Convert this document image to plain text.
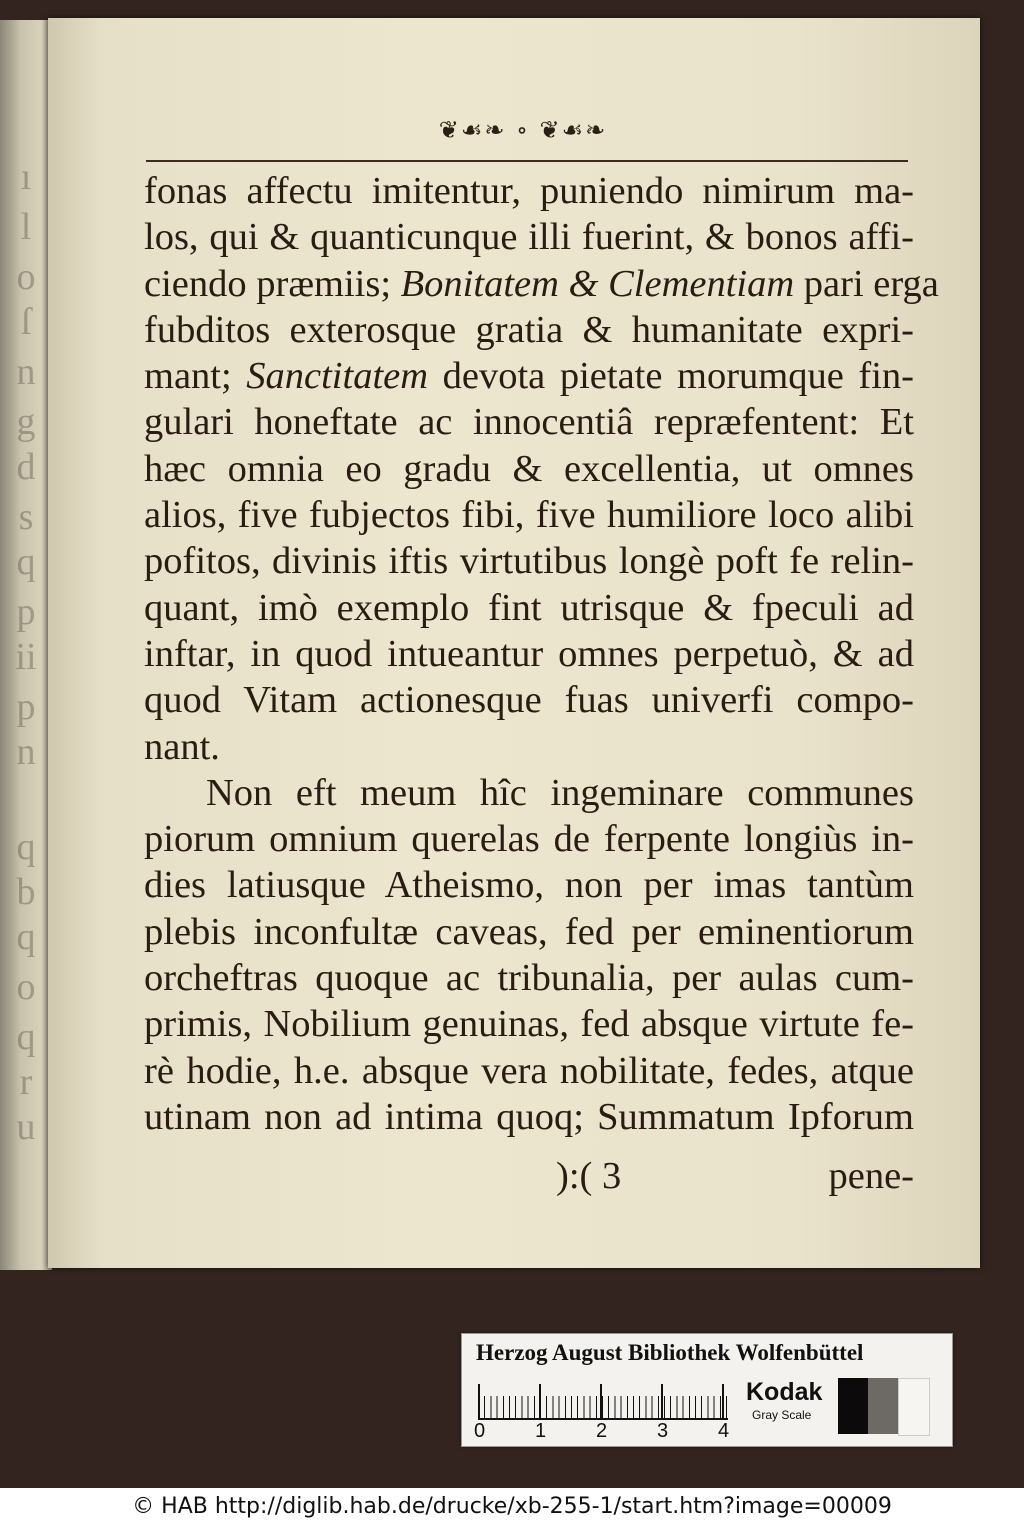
ı
l
o
ſ
n
g
d
s
q
p
ii
p
n
q
b
q
o
q
r
u
❦☙❧ ∘ ❦☙❧
fonas affectu imitentur, puniendo nimirum ma-
los, qui & quanticunque illi fuerint, & bonos affi-
ciendo præmiis; Bonitatem & Clementiam pari erga
fubditos exterosque gratia & humanitate expri-
mant; Sanctitatem devota pietate morumque fin-
gulari honeftate ac innocentiâ repræfentent: Et
hæc omnia eo gradu & excellentia, ut omnes
alios, five fubjectos fibi, five humiliore loco alibi
pofitos, divinis iftis virtutibus longè poft fe relin-
quant, imò exemplo fint utrisque & fpeculi ad
inftar, in quod intueantur omnes perpetuò, & ad
quod Vitam actionesque fuas univerfi compo-
nant.
Non eft meum hîc ingeminare communes
piorum omnium querelas de ferpente longiùs in-
dies latiusque Atheismo, non per imas tantùm
plebis inconfultæ caveas, fed per eminentiorum
orcheftras quoque ac tribunalia, per aulas cum-
primis, Nobilium genuinas, fed absque virtute fe-
rè hodie, h.e. absque vera nobilitate, fedes, atque
utinam non ad intima quoq; Summatum Ipforum
):( 3	pene-
Herzog August Bibliothek Wolfenbüttel
0 1 2 3 4
Kodak
Gray Scale
© HAB http://diglib.hab.de/drucke/xb-255-1/start.htm?image=00009
